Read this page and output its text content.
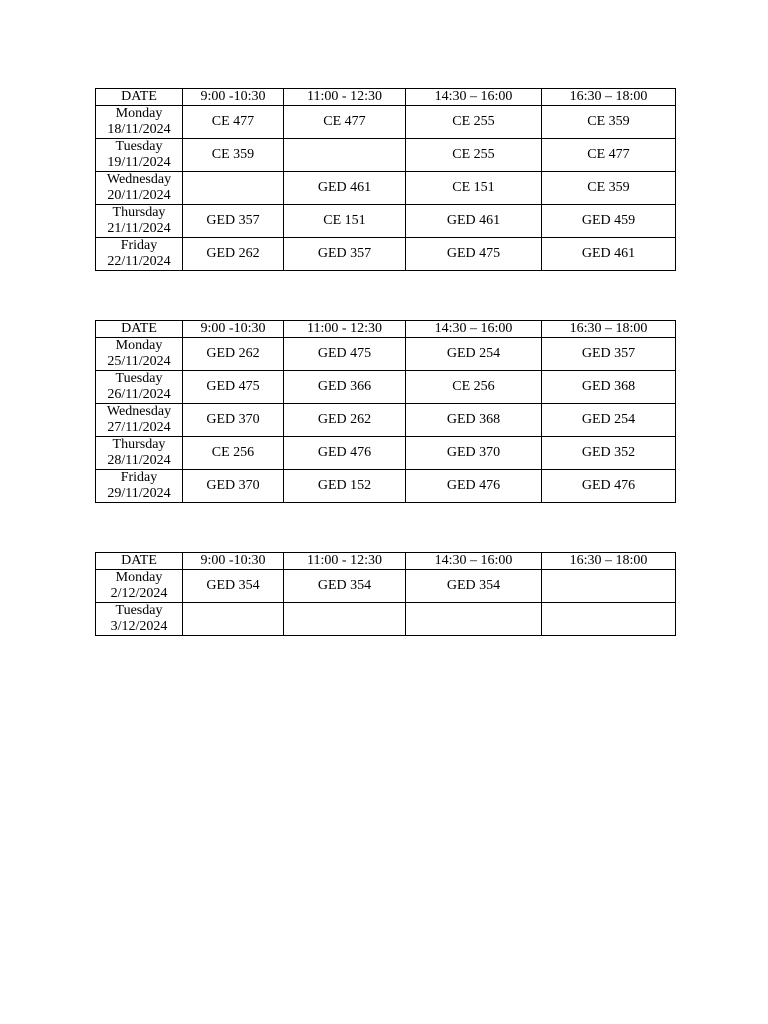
DATE	9:00 -10:30	11:00 - 12:30	14:30 – 16:00	16:30 – 18:00

Monday
18/11/2024	CE 477	CE 477	CE 255	CE 359

Tuesday
19/11/2024	CE 359		CE 255	CE 477

Wednesday
20/11/2024		GED 461	CE 151	CE 359

Thursday
21/11/2024	GED 357	CE 151	GED 461	GED 459

Friday
22/11/2024	GED 262	GED 357	GED 475	GED 461
DATE	9:00 -10:30	11:00 - 12:30	14:30 – 16:00	16:30 – 18:00

Monday
25/11/2024	GED 262	GED 475	GED 254	GED 357

Tuesday
26/11/2024	GED 475	GED 366	CE 256	GED 368

Wednesday
27/11/2024	GED 370	GED 262	GED 368	GED 254

Thursday
28/11/2024	CE 256	GED 476	GED 370	GED 352

Friday
29/11/2024	GED 370	GED 152	GED 476	GED 476
DATE	9:00 -10:30	11:00 - 12:30	14:30 – 16:00	16:30 – 18:00

Monday
2/12/2024	GED 354	GED 354	GED 354	

Tuesday
3/12/2024				
